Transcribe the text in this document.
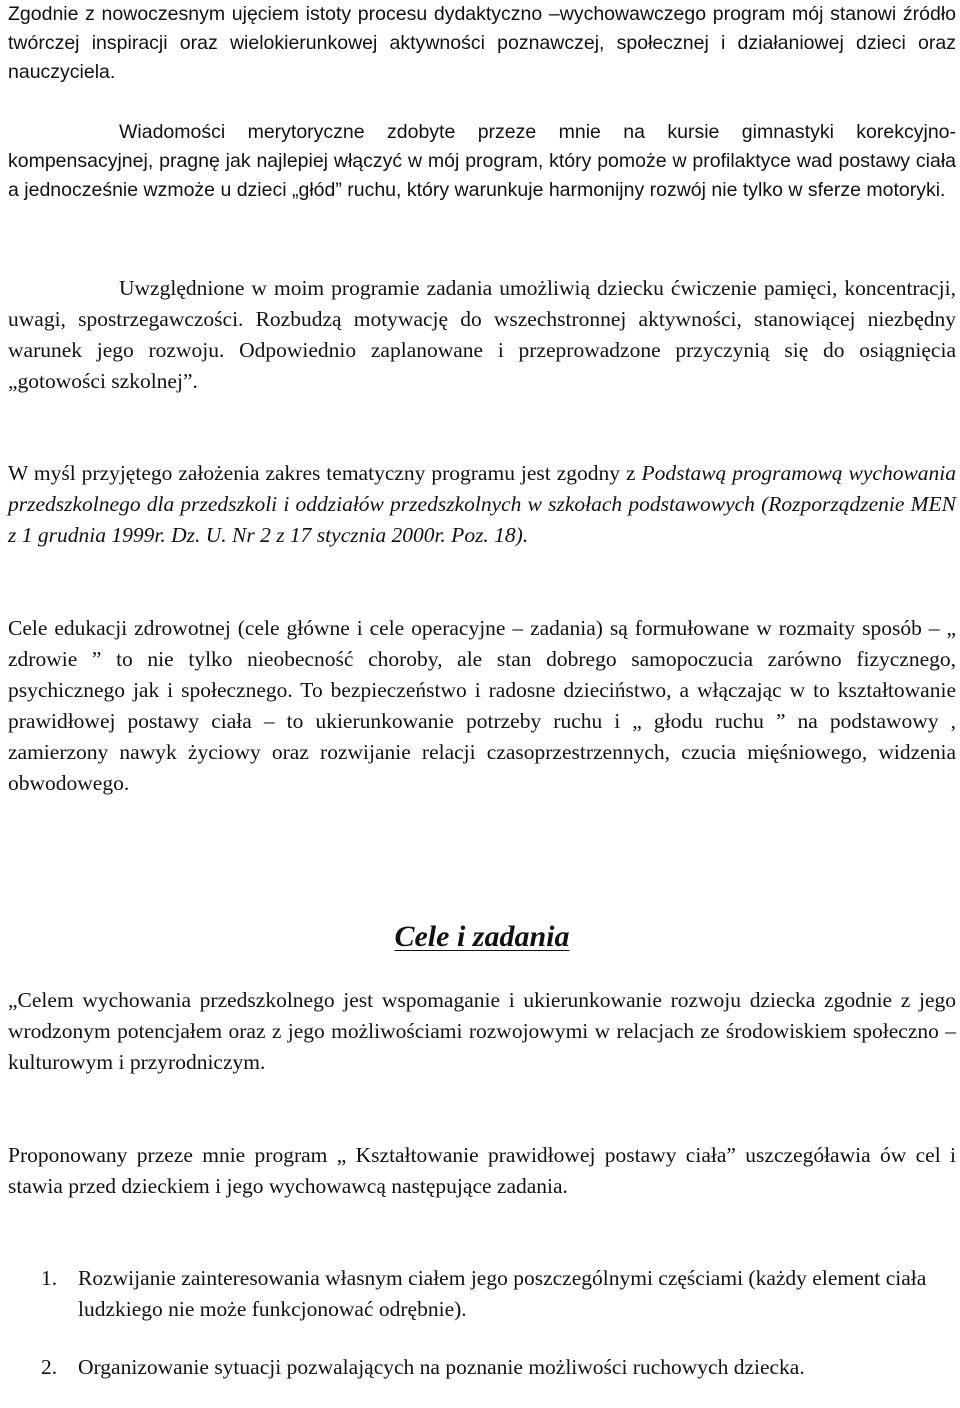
Zgodnie z nowoczesnym ujęciem istoty procesu dydaktyczno –wychowawczego program mój stanowi źródło twórczej inspiracji oraz wielokierunkowej aktywności poznawczej, społecznej i działaniowej dzieci oraz nauczyciela.

Wiadomości merytoryczne zdobyte przeze mnie na kursie gimnastyki korekcyjno-kompensacyjnej, pragnę jak najlepiej włączyć w mój program, który pomoże w profilaktyce wad postawy ciała a jednocześnie wzmoże u dzieci „głód” ruchu, który warunkuje harmonijny rozwój nie tylko w sferze motoryki.

Uwzględnione w moim programie zadania umożliwią dziecku ćwiczenie pamięci, koncentracji, uwagi, spostrzegawczości. Rozbudzą motywację do wszechstronnej aktywności, stanowiącej niezbędny warunek jego rozwoju. Odpowiednio zaplanowane i przeprowadzone przyczynią się do osiągnięcia „gotowości szkolnej”.

W myśl przyjętego założenia zakres tematyczny programu jest zgodny z Podstawą programową wychowania przedszkolnego dla przedszkoli i oddziałów przedszkolnych w szkołach podstawowych (Rozporządzenie MEN z 1 grudnia 1999r. Dz. U. Nr 2 z 17 stycznia 2000r. Poz. 18).

Cele edukacji zdrowotnej (cele główne i cele operacyjne – zadania) są formułowane w rozmaity sposób – „ zdrowie ” to nie tylko nieobecność choroby, ale stan dobrego samopoczucia zarówno fizycznego, psychicznego jak i społecznego. To bezpieczeństwo i radosne dzieciństwo, a włączając w to kształtowanie prawidłowej postawy ciała – to ukierunkowanie potrzeby ruchu i „ głodu ruchu ” na podstawowy , zamierzony nawyk życiowy oraz rozwijanie relacji czasoprzestrzennych, czucia mięśniowego, widzenia obwodowego.

Cele i zadania

„Celem wychowania przedszkolnego jest wspomaganie i ukierunkowanie rozwoju dziecka zgodnie z jego wrodzonym potencjałem oraz z jego możliwościami rozwojowymi w relacjach ze środowiskiem społeczno – kulturowym i przyrodniczym.

Proponowany przeze mnie program „ Kształtowanie prawidłowej postawy ciała” uszczegóławia ów cel i stawia przed dzieckiem i jego wychowawcą następujące zadania.

1. Rozwijanie zainteresowania własnym ciałem jego poszczególnymi częściami (każdy element ciała ludzkiego nie może funkcjonować odrębnie).
2. Organizowanie sytuacji pozwalających na poznanie możliwości ruchowych dziecka.
